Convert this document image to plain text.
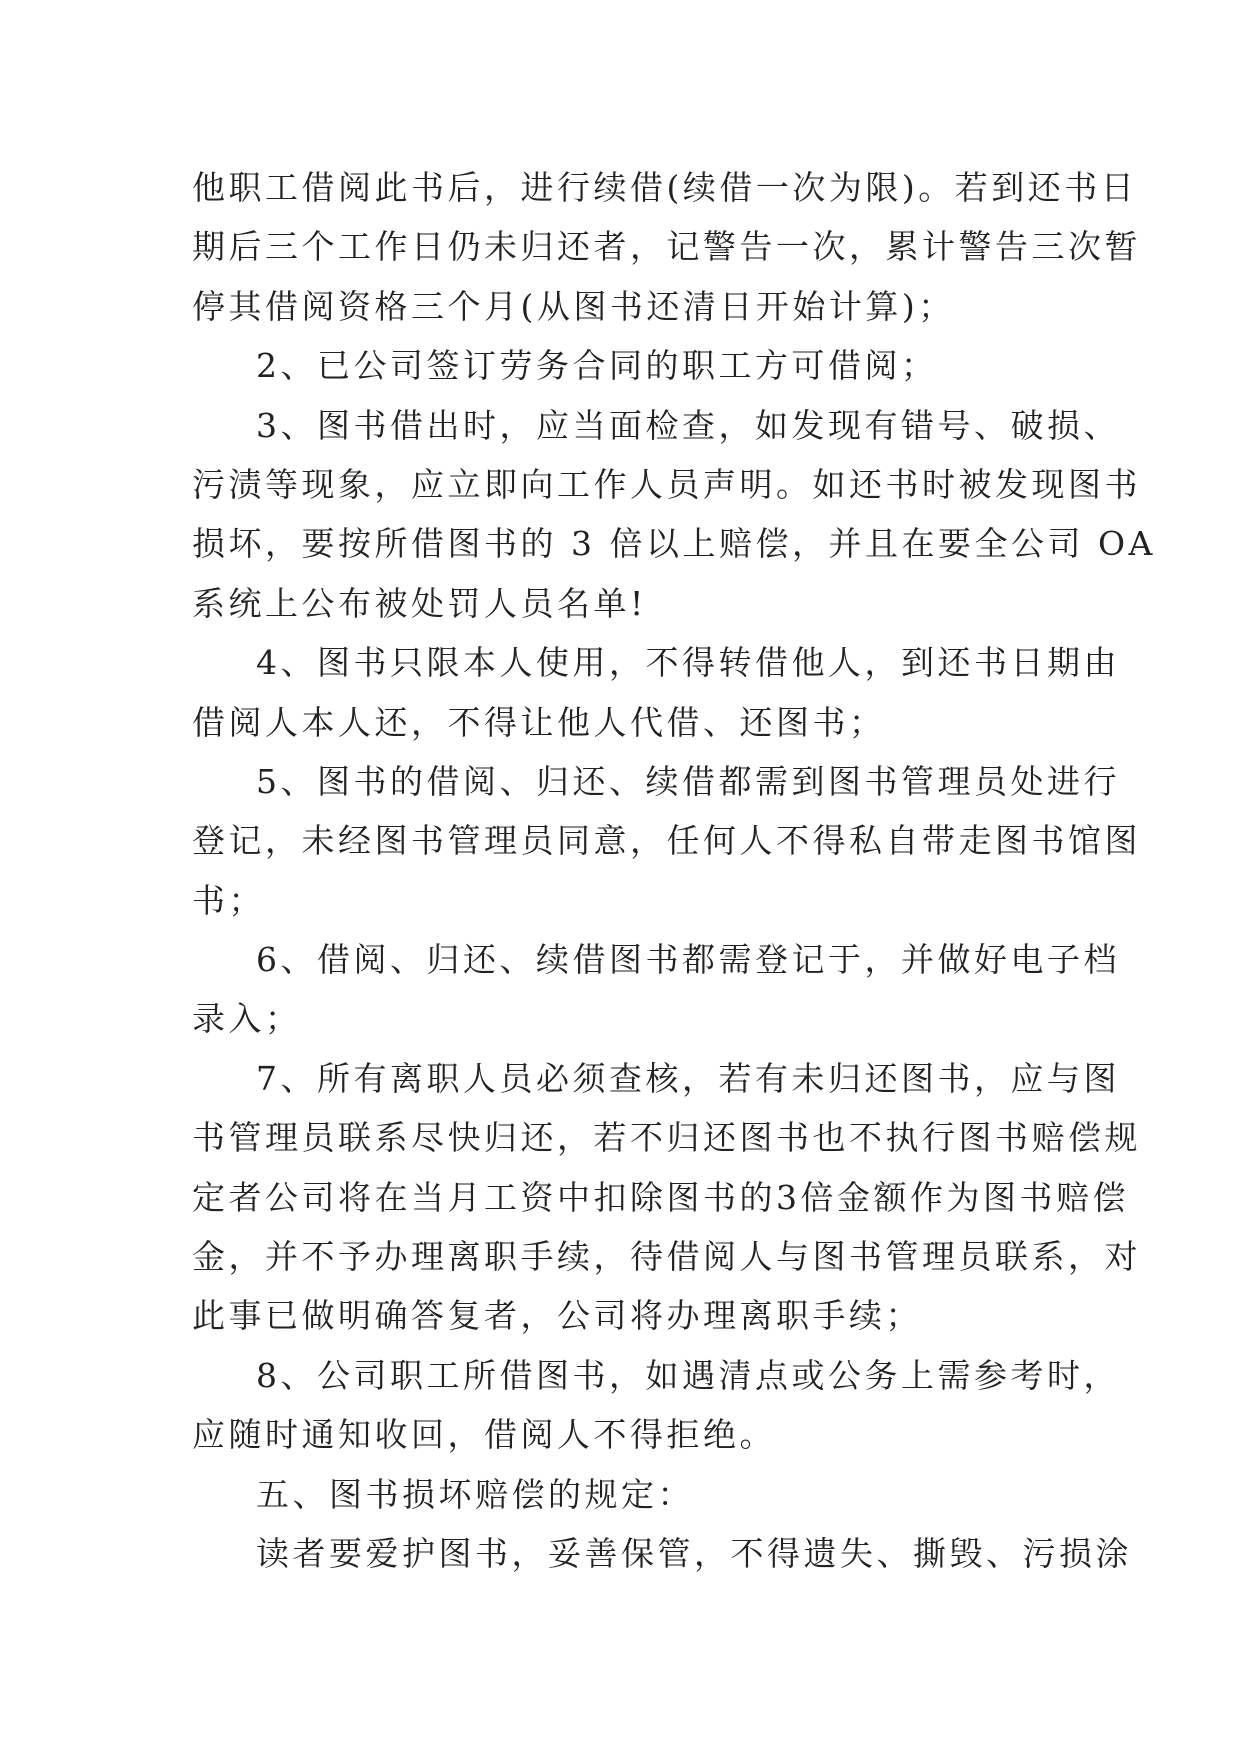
他职工借阅此书后，进行续借(续借一次为限)。若到还书日
期后三个工作日仍未归还者，记警告一次，累计警告三次暂
停其借阅资格三个月(从图书还清日开始计算)；
2、已公司签订劳务合同的职工方可借阅；
3、图书借出时，应当面检查，如发现有错号、破损、
污渍等现象，应立即向工作人员声明。如还书时被发现图书
损坏，要按所借图书的 3 倍以上赔偿，并且在要全公司 OA
系统上公布被处罚人员名单!
4、图书只限本人使用，不得转借他人，到还书日期由
借阅人本人还，不得让他人代借、还图书；
5、图书的借阅、归还、续借都需到图书管理员处进行
登记，未经图书管理员同意，任何人不得私自带走图书馆图
书；
6、借阅、归还、续借图书都需登记于，并做好电子档
录入；
7、所有离职人员必须查核，若有未归还图书，应与图
书管理员联系尽快归还，若不归还图书也不执行图书赔偿规
定者公司将在当月工资中扣除图书的3倍金额作为图书赔偿
金，并不予办理离职手续，待借阅人与图书管理员联系，对
此事已做明确答复者，公司将办理离职手续；
8、公司职工所借图书，如遇清点或公务上需参考时，
应随时通知收回，借阅人不得拒绝。
五、图书损坏赔偿的规定：
读者要爱护图书，妥善保管，不得遗失、撕毁、污损涂
